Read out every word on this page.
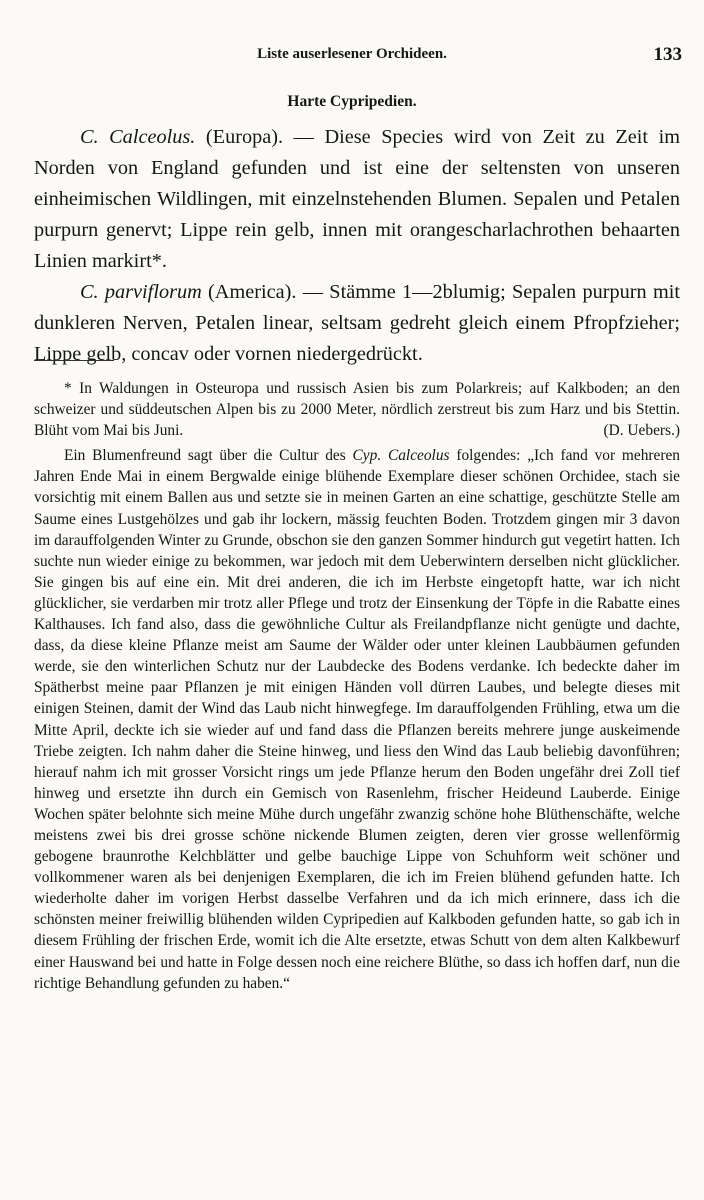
Liste auserlesener Orchideen.	133
Harte Cypripedien.

C. Calceolus. (Europa). — Diese Species wird von Zeit zu Zeit im Norden von England gefunden und ist eine der seltensten von unseren einheimischen Wildlingen, mit einzelnstehenden Blumen. Sepalen und Petalen purpurn genervt; Lippe rein gelb, innen mit orangescharlachrothen behaarten Linien markirt*.

C. parviflorum (America). — Stämme 1—2blumig; Sepalen purpurn mit dunkleren Nerven, Petalen linear, seltsam gedreht gleich einem Pfropfzieher; Lippe gelb, concav oder vornen niedergedrückt.

* In Waldungen in Osteuropa und russisch Asien bis zum Polarkreis; auf Kalkboden; an den schweizer und süddeutschen Alpen bis zu 2000 Meter, nördlich zerstreut bis zum Harz und bis Stettin. Blüht vom Mai bis Juni.	(D. Uebers.)

Ein Blumenfreund sagt über die Cultur des Cyp. Calceolus folgendes: „Ich fand vor mehreren Jahren Ende Mai in einem Bergwalde einige blühende Exemplare dieser schönen Orchidee, stach sie vorsichtig mit einem Ballen aus und setzte sie in meinen Garten an eine schattige, geschützte Stelle am Saume eines Lustgehölzes und gab ihr lockern, mässig feuchten Boden. Trotzdem gingen mir 3 davon im darauffolgenden Winter zu Grunde, obschon sie den ganzen Sommer hindurch gut vegetirt hatten. Ich suchte nun wieder einige zu bekommen, war jedoch mit dem Ueberwintern derselben nicht glücklicher. Sie gingen bis auf eine ein. Mit drei anderen, die ich im Herbste eingetopft hatte, war ich nicht glücklicher, sie verdarben mir trotz aller Pflege und trotz der Einsenkung der Töpfe in die Rabatte eines Kalthauses. Ich fand also, dass die gewöhnliche Cultur als Freilandpflanze nicht genügte und dachte, dass, da diese kleine Pflanze meist am Saume der Wälder oder unter kleinen Laubbäumen gefunden werde, sie den winterlichen Schutz nur der Laubdecke des Bodens verdanke. Ich bedeckte daher im Spätherbst meine paar Pflanzen je mit einigen Händen voll dürren Laubes, und belegte dieses mit einigen Steinen, damit der Wind das Laub nicht hinwegfege. Im darauffolgenden Frühling, etwa um die Mitte April, deckte ich sie wieder auf und fand dass die Pflanzen bereits mehrere junge auskeimende Triebe zeigten. Ich nahm daher die Steine hinweg, und liess den Wind das Laub beliebig davonführen; hierauf nahm ich mit grosser Vorsicht rings um jede Pflanze herum den Boden ungefähr drei Zoll tief hinweg und ersetzte ihn durch ein Gemisch von Rasenlehm, frischer Heideund Lauberde. Einige Wochen später belohnte sich meine Mühe durch ungefähr zwanzig schöne hohe Blüthenschäfte, welche meistens zwei bis drei grosse schöne nickende Blumen zeigten, deren vier grosse wellenförmig gebogene braunrothe Kelchblätter und gelbe bauchige Lippe von Schuhform weit schöner und vollkommener waren als bei denjenigen Exemplaren, die ich im Freien blühend gefunden hatte. Ich wiederholte daher im vorigen Herbst dasselbe Verfahren und da ich mich erinnere, dass ich die schönsten meiner freiwillig blühenden wilden Cypripedien auf Kalkboden gefunden hatte, so gab ich in diesem Frühling der frischen Erde, womit ich die Alte ersetzte, etwas Schutt von dem alten Kalkbewurf einer Hauswand bei und hatte in Folge dessen noch eine reichere Blüthe, so dass ich hoffen darf, nun die richtige Behandlung gefunden zu haben.“
